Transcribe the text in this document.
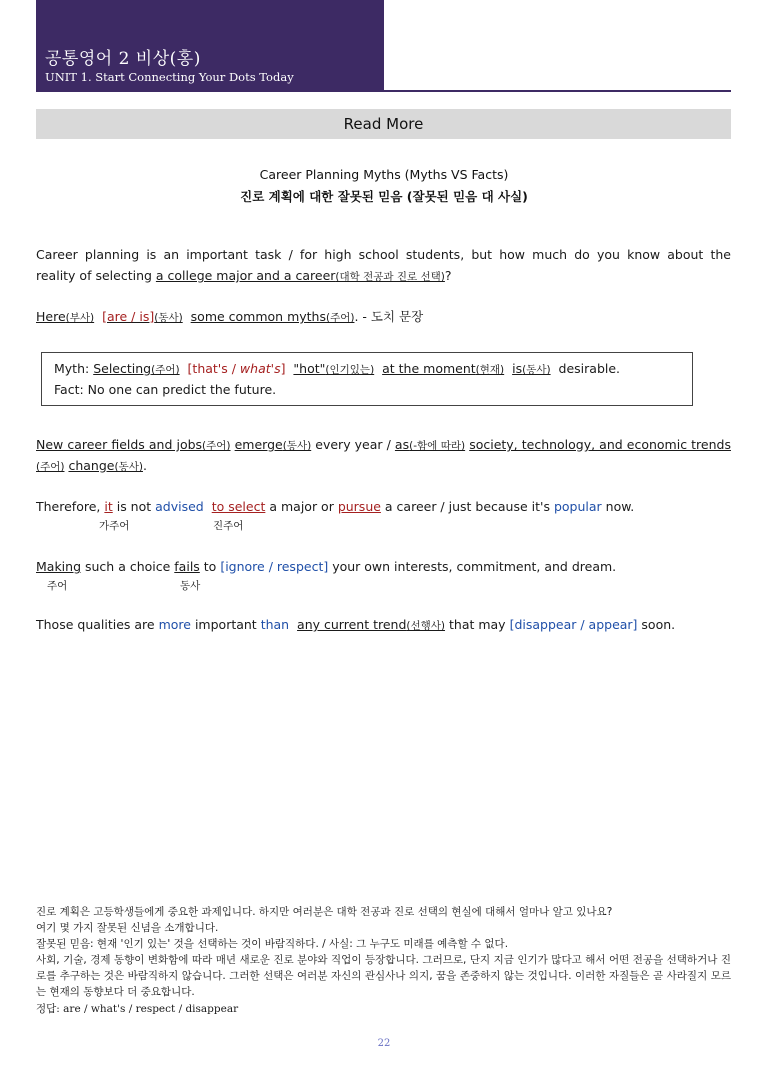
공통영어 2 비상(홍)
UNIT 1. Start Connecting Your Dots Today
Read More
Career Planning Myths (Myths VS Facts)
진로 계획에 대한 잘못된 믿음 (잘못된 믿음 대 사실)
Career planning is an important task / for high school students, but how much do you know about the
reality of selecting a college major and a career(대학 전공과 진로 선택)?
Here(부사) [are / is](동사) some common myths(주어). - 도치 문장
Myth: Selecting(주어) [that's / what's] "hot"(인기있는) at the moment(현재) is(동사) desirable.
Fact: No one can predict the future.
New career fields and jobs(주어) emerge(동사) every year / as(-함에 따라) society, technology, and economic trends
(주어) change(동사).
Therefore, it is not advised to select a major or pursue a career / just because it's popular now.
가주어	진주어
Making such a choice fails to [ignore / respect] your own interests, commitment, and dream.
주어	동사
Those qualities are more important than any current trend(선행사) that may [disappear / appear] soon.
진로 계획은 고등학생들에게 중요한 과제입니다. 하지만 여러분은 대학 전공과 진로 선택의 현실에 대해서 얼마나 알고 있나요?
여기 몇 가지 잘못된 신념을 소개합니다.
잘못된 믿음: 현재 '인기 있는' 것을 선택하는 것이 바람직하다. / 사실: 그 누구도 미래를 예측할 수 없다.
사회, 기술, 경제 동향이 변화함에 따라 매년 새로운 진로 분야와 직업이 등장합니다. 그러므로, 단지 지금 인기가 많다고 해서 어떤 전공을 선택하거나 진로를 추구하는 것은 바람직하지 않습니다. 그러한 선택은 여러분 자신의 관심사나 의지, 꿈을 존중하지 않는 것입니다. 이러한 자질들은 곧 사라질지 모르는 현재의 동향보다 더 중요합니다.
정답: are / what's / respect / disappear
22
